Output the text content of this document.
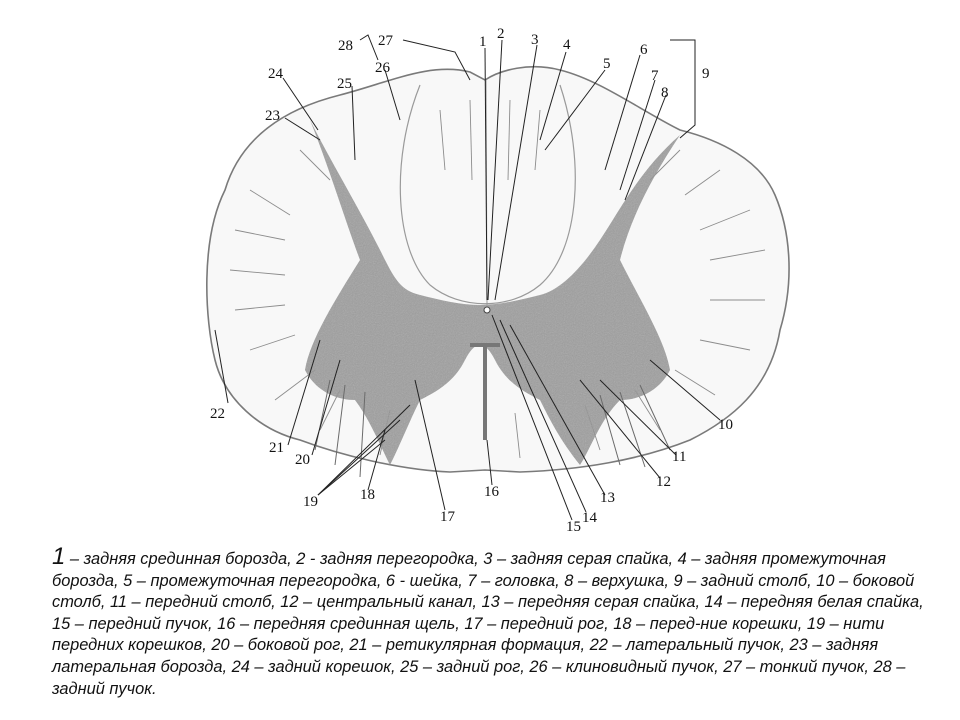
1 2 3 4
5
6
7
8
9
10
11
12
13
14
15
16
17
18
19
20
21
22
23
24
25
26
27
28

1 – задняя срединная борозда, 2 - задняя перегородка, 3 – задняя серая спайка, 4 – задняя промежуточная борозда, 5 – промежуточная перегородка, 6 - шейка, 7 – головка, 8 – верхушка, 9 – задний столб, 10 – боковой столб, 11 – передний столб, 12 – центральный канал, 13 – передняя серая спайка, 14 – передняя белая спайка, 15 – передний пучок, 16 – передняя срединная щель, 17 – передний рог, 18 – перед-ние корешки, 19 – нити передних корешков, 20 – боковой рог, 21 – ретикулярная формация, 22 – латеральный пучок, 23 – задняя латеральная борозда, 24 – задний корешок, 25 – задний рог, 26 – клиновидный пучок, 27 – тонкий пучок, 28 – задний пучок.
